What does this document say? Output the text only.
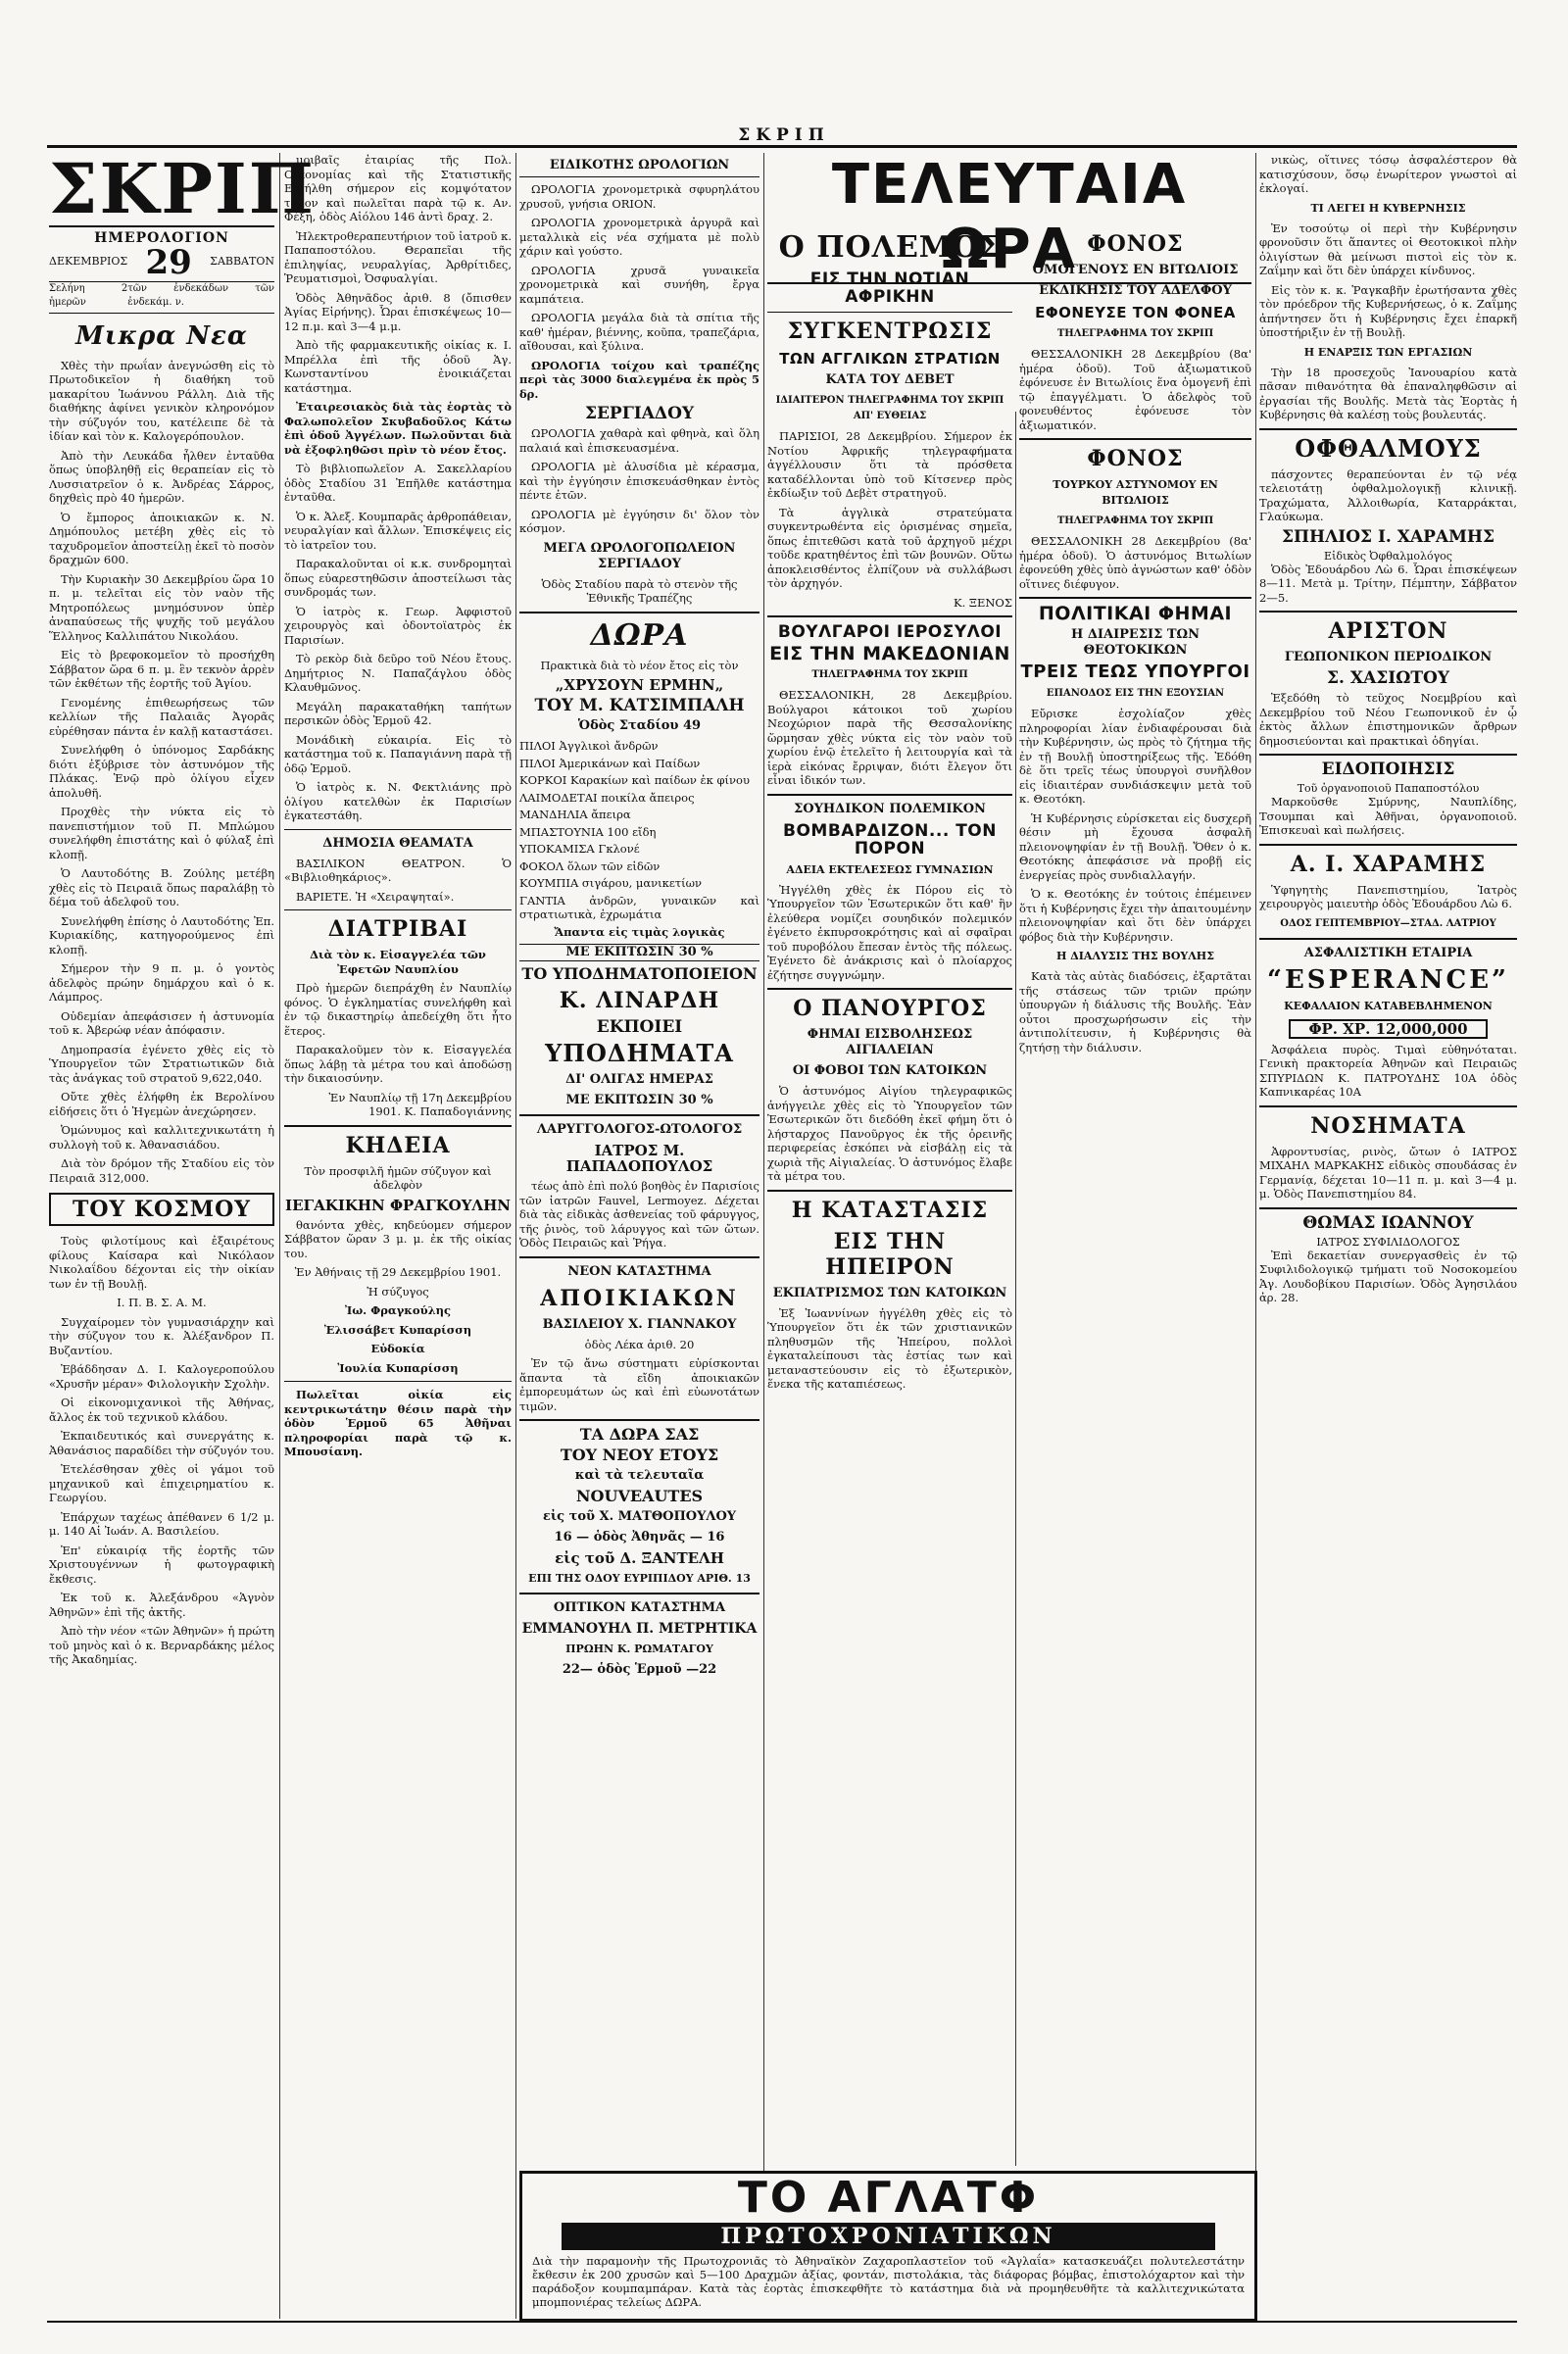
ΣΚΡΙΠ
ΣΚΡΙΠ
ΗΜΕΡΟΛΟΓΙΟΝ
ΔΕΚΕΜΒΡΙΟΣ 29 ΣΑΒΒΑΤΟΝ
Σελήνη 2 ἡμερῶν
τῶν ἐνδεκάδων τῶν ἐνδεκάμ. ν.
Μικρα Νεα

Χθὲς τὴν πρωΐαν ἀνεγνώσθη εἰς τὸ Πρωτοδικεῖον ἡ διαθήκη τοῦ μακαρίτου Ἰωάννου Ράλλη. Διὰ τῆς διαθήκης ἀφίνει γενικὸν κληρονόμον τὴν σύζυγόν του, κατέλειπε δὲ τὰ ἰδίαν καὶ τὸν κ. Καλογερόπουλον.

Ἀπὸ τὴν Λευκάδα ἦλθεν ἐνταῦθα ὅπως ὑποβληθῇ εἰς θεραπείαν εἰς τὸ Λυσσιατρεῖον ὁ κ. Ἀνδρέας Σάρρος, δηχθεὶς πρὸ 40 ἡμερῶν.

Ὁ ἔμπορος ἀποικιακῶν κ. Ν. Δημόπουλος μετέβη χθὲς εἰς τὸ ταχυδρομεῖον ἀποστείλῃ ἐκεῖ τὸ ποσὸν δραχμῶν 600.

Τὴν Κυριακὴν 30 Δεκεμβρίου ὥρα 10 π. μ. τελεῖται εἰς τὸν ναὸν τῆς Μητροπόλεως μνημόσυνον ὑπὲρ ἀναπαύσεως τῆς ψυχῆς τοῦ μεγάλου Ἕλληνος Καλλιπάτου Νικολάου.

Εἰς τὸ βρεφοκομεῖον τὸ προσήχθη Σάββατον ὥρα 6 π. μ. ἓν τεκνὸν ἀρρὲν τῶν ἐκθέτων τῆς ἑορτῆς τοῦ Ἁγίου.

Γενομένης ἐπιθεωρήσεως τῶν κελλίων τῆς Παλαιᾶς Ἀγορᾶς εὑρέθησαν πάντα ἐν καλῇ καταστάσει.

Συνελήφθη ὁ ὑπόνομος Σαρδάκης διότι ἐξύβρισε τὸν ἀστυνόμον τῆς Πλάκας. Ἐνῷ πρὸ ὀλίγου εἶχεν ἀπολυθῆ.

Προχθὲς τὴν νύκτα εἰς τὸ πανεπιστήμιον τοῦ Π. Μπλώμου συνελήφθη ἐπιστάτης καὶ ὁ φύλαξ ἐπὶ κλοπῇ.

Ὁ Λαυτοδότης Β. Ζούλης μετέβη χθὲς εἰς τὸ Πειραιᾶ ὅπως παραλάβῃ τὸ δέμα τοῦ ἀδελφοῦ του.

Συνελήφθη ἐπίσης ὁ Λαυτοδότης Ἐπ. Κυριακίδης, κατηγορούμενος ἐπὶ κλοπῇ.

Σήμερον τὴν 9 π. μ. ὁ γοντὸς ἀδελφὸς πρώην δημάρχου καὶ ὁ κ. Λάμπρος.

Οὐδεμίαν ἀπεφάσισεν ἡ ἀστυνομία τοῦ κ. Ἀβερώφ νέαν ἀπόφασιν.

Δημοπρασία ἐγένετο χθὲς εἰς τὸ Ὑπουργεῖον τῶν Στρατιωτικῶν διὰ τὰς ἀνάγκας τοῦ στρατοῦ 9,622,040.

Οὔτε χθὲς ἐλήφθη ἐκ Βερολίνου εἰδήσεις ὅτι ὁ Ἡγεμὼν ἀνεχώρησεν.

Ὁμώνυμος καὶ καλλιτεχνικωτάτη ἡ συλλογὴ τοῦ κ. Ἀθανασιάδου.

Διὰ τὸν δρόμον τῆς Σταδίου εἰς τὸν Πειραιᾶ 312,000.

ΤΟΥ ΚΟΣΜΟΥ

Τοὺς φιλοτίμους καὶ ἐξαιρέτους φίλους Καίσαρα καὶ Νικόλαον Νικολαΐδου δέχονται εἰς τὴν οἰκίαν των ἐν τῇ Βουλῇ.

Ι. Π. Β. Σ. Α. Μ.

Συγχαίρομεν τὸν γυμνασιάρχην καὶ τὴν σύζυγον του κ. Ἀλέξανδρον Π. Βυζαντίου.

Ἐβάδδησαν Δ. Ι. Καλογεροπούλου «Χρυσῆν μέραν» Φιλολογικὴν Σχολὴν.

Οἱ εἰκονομιχανικοὶ τῆς Ἀθήνας, ἄλλος ἐκ τοῦ τεχνικοῦ κλάδου.

Ἐκπαιδευτικός καὶ συνεργάτης κ. Ἀθανάσιος παραδίδει τὴν σύζυγόν του.

Ἐτελέσθησαν χθὲς οἱ γάμοι τοῦ μηχανικοῦ καὶ ἐπιχειρηματίου κ. Γεωργίου.

Ἐπάρχων ταχέως ἀπέθανεν 6 1/2 μ. μ. 140 Αἱ Ἰωάν. Α. Βασιλείου.

Ἐπ' εὐκαιρίᾳ τῆς ἐορτῆς τῶν Χριστουγέννων ἡ φωτογραφικὴ ἔκθεσις.

Ἐκ τοῦ κ. Ἀλεξάνδρου «Ἁγνὸν Ἀθηνῶν» ἐπὶ τῆς ἀκτῆς.

Ἀπὸ τὴν νέον «τῶν Ἀθηνῶν» ἡ πρώτη τοῦ μηνὸς καὶ ὁ κ. Βερναρδάκης μέλος τῆς Ἀκαδημίας.

μοιβαῖς ἐταιρίας τῆς Πολ. Οἰκονομίας καὶ τῆς Στατιστικῆς Εἰσήλθη σήμερον εἰς κομψότατον τόμον καὶ πωλεῖται παρὰ τῷ κ. Αν. Φέξη, ὁδὸς Αἰόλου 146 ἀντὶ δραχ. 2.

Ἠλεκτροθεραπευτήριον τοῦ ἰατροῦ κ. Παπαποστόλου. Θεραπεῖαι τῆς ἐπιληψίας, νευραλγίας, Ἀρθρίτιδες, Ῥευματισμοὶ, Ὀσφυαλγίαι.

Ὁδὸς Ἀθηνᾶδος ἀριθ. 8 (ὄπισθεν Ἀγίας Εἰρήνης). Ὧραι ἐπισκέψεως 10—12 π.μ. καὶ 3—4 μ.μ.

Ἀπὸ τῆς φαρμακευτικῆς οἰκίας κ. Ι. Μπρέλλα ἐπὶ τῆς ὁδοῦ Ἁγ. Κωνσταντίνου ἐνοικιάζεται κατάστημα.

Ἐταιρεσιακὸς διὰ τὰς ἑορτὰς τὸ Φαλωπολεῖον Σκυβαδοῦλος Κάτω ἐπὶ ὁδοῦ Ἀγγέλων. Πωλοῦνται διὰ νὰ ἐξοφληθῶσι πρὶν τὸ νέον ἔτος.

Τὸ βιβλιοπωλεῖον Α. Σακελλαρίου ὁδὸς Σταδίου 31 Ἐπῆλθε κατάστημα ἐνταῦθα.

Ὁ κ. Ἀλεξ. Κουμπαρᾶς ἀρθροπάθειαν, νευραλγίαν καὶ ἄλλων. Ἐπισκέψεις εἰς τὸ ἰατρεῖον του.

Παρακαλοῦνται οἱ κ.κ. συνδρομηταὶ ὅπως εὐαρεστηθῶσιν ἀποστείλωσι τὰς συνδρομάς των.

Ὁ ἰατρὸς κ. Γεωρ. Ἀφφιστοῦ χειρουργὸς καὶ ὀδοντοϊατρὸς ἐκ Παρισίων.

Τὸ ρεκὸρ διὰ δεῦρο τοῦ Νέου ἔτους. Δημήτριος Ν. Παπαζάγλου ὁδὸς Κλαυθμῶνος.

Μεγάλη παρακαταθήκη ταπήτων περσικῶν ὁδὸς Ἑρμοῦ 42.

Μονάδικὴ εὐκαιρία. Εἰς τὸ κατάστημα τοῦ κ. Παπαγιάννη παρὰ τῇ ὁδῷ Ἑρμοῦ.

Ὁ ἰατρὸς κ. Ν. Φεκτλιάνης πρὸ ὀλίγου κατελθὼν ἐκ Παρισίων ἐγκατεστάθη.

ΔΗΜΟΣΙΑ ΘΕΑΜΑΤΑ

ΒΑΣΙΛΙΚΟΝ ΘΕΑΤΡΟΝ. Ὁ «Βιβλιοθηκάριος».

ΒΑΡΙΕΤΕ. Ἡ «Χειραψηταί».

ΔΙΑΤΡΙΒΑΙ

Διὰ τὸν κ. Εἰσαγγελέα τῶν Ἐφετῶν Ναυπλίου

Πρὸ ἡμερῶν διεπράχθη ἐν Ναυπλίῳ φόνος. Ὁ ἐγκληματίας συνελήφθη καὶ ἐν τῷ δικαστηρίῳ ἀπεδείχθη ὅτι ἦτο ἕτερος.

Παρακαλοῦμεν τὸν κ. Εἰσαγγελέα ὅπως λάβῃ τὰ μέτρα του καὶ ἀποδώσῃ τὴν δικαιοσύνην.

Ἐν Ναυπλίῳ τῇ 17η Δεκεμβρίου 1901. Κ. Παπαδογιάννης

ΚΗΔΕΙΑ

Τὸν προσφιλῆ ἡμῶν σύζυγον καὶ ἀδελφὸν

ΙΕΓΑΚΙΚΗΝ ΦΡΑΓΚΟΥΛΗΝ

θανόντα χθὲς, κηδεύομεν σήμερον Σάββατον ὥραν 3 μ. μ. ἐκ τῆς οἰκίας του.

Ἐν Ἀθήναις τῇ 29 Δεκεμβρίου 1901.

Ἡ σύζυγος

Ἰω. Φραγκούλης

Ἐλισσάβετ Κυπαρίσση

Εὐδοκία

Ἰουλία Κυπαρίσση

Πωλεῖται οἰκία εἰς κεντρικωτάτην θέσιν παρὰ τὴν ὁδὸν Ἑρμοῦ 65 Ἀθῆναι πληροφορίαι παρὰ τῷ κ. Μπουσίανη.

ΕΙΔΙΚΟΤΗΣ ΩΡΟΛΟΓΙΩΝ

ΩΡΟΛΟΓΙΑ χρονομετρικὰ σφυρηλάτου χρυσοῦ, γνήσια ORION.

ΩΡΟΛΟΓΙΑ χρονομετρικὰ ἀργυρᾶ καὶ μεταλλικὰ εἰς νέα σχήματα μὲ πολὺ χάριν καὶ γούστο.

ΩΡΟΛΟΓΙΑ χρυσᾶ γυναικεῖα χρονομετρικὰ καὶ συνήθη, ἔργα καμπάτεια.

ΩΡΟΛΟΓΙΑ μεγάλα διὰ τὰ σπίτια τῆς καθ' ἡμέραν, βιέννης, κοῦπα, τραπεζάρια, αἴθουσαι, καὶ ξύλινα.

ΩΡΟΛΟΓΙΑ τοίχου καὶ τραπέζης περὶ τὰς 3000 διαλεγμένα ἐκ πρὸς 5 δρ.

ΣΕΡΓΙΑΔΟΥ

ΩΡΟΛΟΓΙΑ χαθαρὰ καὶ φθηνὰ, καὶ ὅλη παλαιά καὶ ἐπισκευασμένα.

ΩΡΟΛΟΓΙΑ μὲ ἀλυσίδια μὲ κέρασμα, καὶ τὴν ἐγγύησιν ἐπισκευάσθηκαν ἐντὸς πέντε ἐτῶν.

ΩΡΟΛΟΓΙΑ μὲ ἐγγύησιν δι' ὅλον τὸν κόσμον.

ΜΕΓΑ ΩΡΟΛΟΓΟΠΩΛΕΙΟΝ ΣΕΡΓΙΑΔΟΥ

Ὁδὸς Σταδίου παρὰ τὸ στενὸν τῆς Ἐθνικῆς Τραπέζης

ΔΩΡΑ

Πρακτικὰ διὰ τὸ νέον ἔτος εἰς τὸν

„ΧΡΥΣΟΥΝ ΕΡΜΗΝ„
ΤΟΥ Μ. ΚΑΤΣΙΜΠΑΛΗ
Ὁδὸς Σταδίου 49
ΠΙΛΟΙ Ἀγγλικοὶ ἄνδρῶν
ΠΙΛΟΙ Ἀμερικάνων καὶ Παίδων
ΚΟΡΚΟΙ Καρακίων καὶ παίδων ἐκ φίνου
ΛΑΙΜΟΔΕΤΑΙ ποικίλα ἄπειρος
ΜΑΝΔΗΛΙΑ ἄπειρα
ΜΠΑΣΤΟΥΝΙΑ 100 εἴδη
ΥΠΟΚΑΜΙΣΑ Γκλονέ
ΦΟΚΟΛ ὅλων τῶν εἰδῶν
ΚΟΥΜΠΙΑ σιγάρου, μανικετίων
ΓΑΝΤΙΑ ἀνδρῶν, γυναικῶν καὶ στρατιωτικὰ, ἐχρωμάτια

Ἄπαντα εἰς τιμὰς λογικὰς

ΜΕ ΕΚΠΤΩΣΙΝ 30 %
ΤΟ ΥΠΟΔΗΜΑΤΟΠΟΙΕΙΟΝ
Κ. ΛΙΝΑΡΔΗ
ΕΚΠΟΙΕΙ
ΥΠΟΔΗΜΑΤΑ
ΔΙ' ΟΛΙΓΑΣ ΗΜΕΡΑΣ
ΜΕ ΕΚΠΤΩΣΙΝ 30 %
ΛΑΡΥΓΓΟΛΟΓΟΣ-ΩΤΟΛΟΓΟΣ
ΙΑΤΡΟΣ Μ. ΠΑΠΑΔΟΠΟΥΛΟΣ

τέως ἀπὸ ἐπὶ πολύ βοηθὸς ἐν Παρισίοις τῶν ἰατρῶν Fauvel, Lermoyez. Δέχεται διὰ τὰς εἰδικὰς ἀσθενείας τοῦ φάρυγγος, τῆς ῥινὸς, τοῦ λάρυγγος καὶ τῶν ὤτων. Ὁδὸς Πειραιῶς καὶ Ῥήγα.

ΝΕΟΝ ΚΑΤΑΣΤΗΜΑ
ΑΠΟΙΚΙΑΚΩΝ
ΒΑΣΙΛΕΙΟΥ Χ. ΓΙΑΝΝΑΚΟΥ

ὁδὸς Λέκα ἀριθ. 20

Ἐν τῷ ἄνω σύστηματι εὑρίσκονται ἅπαντα τὰ εἴδη ἀποικιακῶν ἐμπορευμάτων ὡς καὶ ἐπὶ εὐωνοτάτων τιμῶν.

ΤΑ ΔΩΡΑ ΣΑΣ
ΤΟΥ ΝΕΟΥ ΕΤΟΥΣ
καὶ τὰ τελευταῖα
NOUVEAUTES
εἰς τοῦ Χ. ΜΑΤΘΟΠΟΥΛΟΥ
16 — ὁδὸς Ἀθηνᾶς — 16
εἰς τοῦ Δ. ΞΑΝΤΕΛΗ
ΕΠΙ ΤΗΣ ΟΔΟΥ ΕΥΡΙΠΙΔΟΥ ΑΡΙΘ. 13
ΟΠΤΙΚΟΝ ΚΑΤΑΣΤΗΜΑ
ΕΜΜΑΝΟΥΗΛ Π. ΜΕΤΡΗΤΙΚΑ
ΠΡΩΗΝ Κ. ΡΩΜΑΤΑΓΟΥ
22— ὁδὸς Ἑρμοῦ —22
ΤΕΛΕΥΤΑΙΑ ΩΡΑ
Ο ΠΟΛΕΜΟΣ
ΕΙΣ ΤΗΝ ΝΟΤΙΑΝ ΑΦΡΙΚΗΝ
ΣΥΓΚΕΝΤΡΩΣΙΣ
ΤΩΝ ΑΓΓΛΙΚΩΝ ΣΤΡΑΤΙΩΝ
ΚΑΤΑ ΤΟΥ ΔΕΒΕΤ
ΙΔΙΑΙΤΕΡΟΝ ΤΗΛΕΓΡΑΦΗΜΑ ΤΟΥ ΣΚΡΙΠ ΑΠ' ΕΥΘΕΙΑΣ

ΠΑΡΙΣΙΟΙ, 28 Δεκεμβρίου. Σήμερον ἐκ Νοτίου Ἀφρικῆς τηλεγραφήματα ἀγγέλλουσιν ὅτι τὰ πρόσθετα καταδέλλονται ὑπὸ τοῦ Κίτσενερ πρὸς ἐκδίωξιν τοῦ Δεβὲτ στρατηγοῦ.

Τὰ ἀγγλικὰ στρατεύματα συγκεντρωθέντα εἰς ὁρισμένας σημεῖα, ὅπως ἐπιτεθῶσι κατὰ τοῦ ἀρχηγοῦ μέχρι τοῦδε κρατηθέντος ἐπὶ τῶν βουνῶν. Οὕτω ἀποκλεισθέντος ἐλπίζουν νὰ συλλάβωσι τὸν ἀρχηγόν.

Κ. ΞΕΝΟΣ

ΒΟΥΛΓΑΡΟΙ ΙΕΡΟΣΥΛΟΙ
ΕΙΣ ΤΗΝ ΜΑΚΕΔΟΝΙΑΝ
ΤΗΛΕΓΡΑΦΗΜΑ ΤΟΥ ΣΚΡΙΠ

ΘΕΣΣΑΛΟΝΙΚΗ, 28 Δεκεμβρίου. Βούλγαροι κάτοικοι τοῦ χωρίου Νεοχώριον παρὰ τῆς Θεσσαλονίκης ὥρμησαν χθὲς νύκτα εἰς τὸν ναὸν τοῦ χωρίου ἐνῷ ἐτελεῖτο ἡ λειτουργία καὶ τὰ ἱερὰ εἰκόνας ἔρριψαν, διότι ἔλεγον ὅτι εἶναι ἰδικόν των.

ΣΟΥΗΔΙΚΟΝ ΠΟΛΕΜΙΚΟΝ
ΒΟΜΒΑΡΔΙΖΟΝ... ΤΟΝ ΠΟΡΟΝ
ΑΔΕΙΑ ΕΚΤΕΛΕΣΕΩΣ ΓΥΜΝΑΣΙΩΝ

Ἠγγέλθη χθὲς ἐκ Πόρου εἰς τὸ Ὑπουργεῖον τῶν Ἐσωτερικῶν ὅτι καθ' ἣν ἐλεύθερα νομίζει σουηδικόν πολεμικόν ἐγένετο ἐκπυρσοκρότησις καὶ αἱ σφαῖραι τοῦ πυροβόλου ἔπεσαν ἐντὸς τῆς πόλεως. Ἐγένετο δὲ ἀνάκρισις καὶ ὁ πλοίαρχος ἐζήτησε συγγνώμην.

Ο ΠΑΝΟΥΡΓΟΣ
ΦΗΜΑΙ ΕΙΣΒΟΛΗΣΕΩΣ ΑΙΓΙΑΛΕΙΑΝ
ΟΙ ΦΟΒΟΙ ΤΩΝ ΚΑΤΟΙΚΩΝ

Ὁ ἀστυνόμος Αἰγίου τηλεγραφικῶς ἀνήγγειλε χθὲς εἰς τὸ Ὑπουργεῖον τῶν Ἐσωτερικῶν ὅτι διεδόθη ἐκεῖ φήμη ὅτι ὁ λήσταρχος Πανοῦργος ἐκ τῆς ὀρεινῆς περιφερείας ἐσκόπει νὰ εἰσβάλῃ εἰς τὰ χωριὰ τῆς Αἰγιαλείας. Ὁ ἀστυνόμος ἔλαβε τὰ μέτρα του.

Η ΚΑΤΑΣΤΑΣΙΣ
ΕΙΣ ΤΗΝ ΗΠΕΙΡΟΝ
ΕΚΠΑΤΡΙΣΜΟΣ ΤΩΝ ΚΑΤΟΙΚΩΝ

Ἐξ Ἰωαννίνων ἠγγέλθη χθὲς εἰς τὸ Ὑπουργεῖον ὅτι ἐκ τῶν χριστιανικῶν πληθυσμῶν τῆς Ἠπείρου, πολλοὶ ἐγκαταλείπουσι τὰς ἑστίας των καὶ μεταναστεύουσιν εἰς τὸ ἐξωτερικὸν, ἕνεκα τῆς καταπιέσεως.

ΦΟΝΟΣ
ΟΜΟΓΕΝΟΥΣ ΕΝ ΒΙΤΩΛΙΟΙΣ
ΕΚΔΙΚΗΣΙΣ ΤΟΥ ΑΔΕΛΦΟΥ
ΕΦΟΝΕΥΣΕ ΤΟΝ ΦΟΝΕΑ
ΤΗΛΕΓΡΑΦΗΜΑ ΤΟΥ ΣΚΡΙΠ

ΘΕΣΣΑΛΟΝΙΚΗ 28 Δεκεμβρίου (8α' ἡμέρα ὁδοῦ). Τοῦ ἀξιωματικοῦ ἐφόνευσε ἐν Βιτωλίοις ἕνα ὁμογενῆ ἐπὶ τῷ ἐπαγγέλματι. Ὁ ἀδελφὸς τοῦ φονευθέντος ἐφόνευσε τὸν ἀξιωματικόν.

ΦΟΝΟΣ
ΤΟΥΡΚΟΥ ΑΣΤΥΝΟΜΟΥ ΕΝ ΒΙΤΩΛΙΟΙΣ
ΤΗΛΕΓΡΑΦΗΜΑ ΤΟΥ ΣΚΡΙΠ

ΘΕΣΣΑΛΟΝΙΚΗ 28 Δεκεμβρίου (8α' ἡμέρα ὁδοῦ). Ὁ ἀστυνόμος Βιτωλίων ἐφονεύθη χθὲς ὑπὸ ἀγνώστων καθ' ὁδὸν οἵτινες διέφυγον.

ΠΟΛΙΤΙΚΑΙ ΦΗΜΑΙ
Η ΔΙΑΙΡΕΣΙΣ ΤΩΝ ΘΕΟΤΟΚΙΚΩΝ
ΤΡΕΙΣ ΤΕΩΣ ΥΠΟΥΡΓΟΙ
ΕΠΑΝΟΔΟΣ ΕΙΣ ΤΗΝ ΕΞΟΥΣΙΑΝ

Εὔρισκε ἐσχολίαζον χθὲς πληροφορίαι λίαν ἐνδιαφέρουσαι διὰ τὴν Κυβέρνησιν, ὡς πρὸς τὸ ζήτημα τῆς ἐν τῇ Βουλῇ ὑποστηρίξεως τῆς. Ἐδόθη δὲ ὅτι τρεῖς τέως ὑπουργοὶ συνῆλθον εἰς ἰδιαιτέραν συνδιάσκεψιν μετὰ τοῦ κ. Θεοτόκη.

Ἡ Κυβέρνησις εὑρίσκεται εἰς δυσχερῆ θέσιν μὴ ἔχουσα ἀσφαλῆ πλειονοψηφίαν ἐν τῇ Βουλῇ. Ὅθεν ὁ κ. Θεοτόκης ἀπεφάσισε νὰ προβῇ εἰς ἐνεργείας πρὸς συνδιαλλαγήν.

Ὁ κ. Θεοτόκης ἐν τούτοις ἐπέμεινεν ὅτι ἡ Κυβέρνησις ἔχει τὴν ἀπαιτουμένην πλειονοψηφίαν καὶ ὅτι δὲν ὑπάρχει φόβος διὰ τὴν Κυβέρνησιν.

Η ΔΙΑΛΥΣΙΣ ΤΗΣ ΒΟΥΛΗΣ

Κατὰ τὰς αὐτὰς διαδόσεις, ἐξαρτᾶται τῆς στάσεως τῶν τριῶν πρώην ὑπουργῶν ἡ διάλυσις τῆς Βουλῆς. Ἐὰν οὗτοι προσχωρήσωσιν εἰς τὴν ἀντιπολίτευσιν, ἡ Κυβέρνησις θὰ ζητήσῃ τὴν διάλυσιν.

νικὼς, οἵτινες τόσῳ ἀσφαλέστερον θὰ κατισχύσουν, ὅσῳ ἐνωρίτερον γνωστοὶ αἱ ἐκλογαί.

ΤΙ ΛΕΓΕΙ Η ΚΥΒΕΡΝΗΣΙΣ

Ἐν τοσούτῳ οἱ περὶ τὴν Κυβέρνησιν φρονοῦσιν ὅτι ἅπαντες οἱ Θεοτοκικοὶ πλὴν ὀλιγίστων θὰ μείνωσι πιστοὶ εἰς τὸν κ. Ζαΐμην καὶ ὅτι δὲν ὑπάρχει κίνδυνος.

Εἰς τὸν κ. κ. Ῥαγκαβῆν ἐρωτήσαντα χθὲς τὸν πρόεδρον τῆς Κυβερνήσεως, ὁ κ. Ζαΐμης ἀπήντησεν ὅτι ἡ Κυβέρνησις ἔχει ἐπαρκῆ ὑποστήριξιν ἐν τῇ Βουλῇ.

Η ΕΝΑΡΞΙΣ ΤΩΝ ΕΡΓΑΣΙΩΝ

Τὴν 18 προσεχοῦς Ἰανουαρίου κατὰ πᾶσαν πιθανότητα θὰ ἐπαναληφθῶσιν αἱ ἐργασίαι τῆς Βουλῆς. Μετὰ τὰς Ἑορτὰς ἡ Κυβέρνησις θὰ καλέσῃ τοὺς βουλευτάς.

ΟΦΘΑΛΜΟΥΣ

πάσχοντες θεραπεύονται ἐν τῷ νέᾳ τελειοτάτῃ ὀφθαλμολογικῇ κλινικῇ. Τραχώματα, Ἀλλοιθωρία, Καταρράκται, Γλαύκωμα.

ΣΠΗΛΙΟΣ Ι. ΧΑΡΑΜΗΣ
Εἰδικὸς Ὀφθαλμολόγος

Ὁδὸς Ἐδουάρδου Λὼ 6. Ὧραι ἐπισκέψεων 8—11. Μετὰ μ. Τρίτην, Πέμπτην, Σάββατον 2—5.

ΑΡΙΣΤΟΝ
ΓΕΩΠΟΝΙΚΟΝ ΠΕΡΙΟΔΙΚΟΝ
Σ. ΧΑΣΙΩΤΟΥ

Ἐξεδόθη τὸ τεῦχος Νοεμβρίου καὶ Δεκεμβρίου τοῦ Νέου Γεωπονικοῦ ἐν ᾧ ἐκτὸς ἄλλων ἐπιστημονικῶν ἄρθρων δημοσιεύονται καὶ πρακτικαὶ ὁδηγίαι.

ΕΙΔΟΠΟΙΗΣΙΣ
Τοῦ ὀργανοποιοῦ Παπαποστόλου

Μαρκοῦσθε Σμύρνης, Ναυπλίδης, Τσουμπαι καὶ Ἀθῆναι, ὀργανοποιοῦ. Ἐπισκευαὶ καὶ πωλήσεις.

Α. Ι. ΧΑΡΑΜΗΣ

Ὑφηγητὴς Πανεπιστημίου, Ἰατρὸς χειρουργὸς μαιευτὴρ ὁδὸς Ἐδουάρδου Λὼ 6.

ΟΔΟΣ ΓΕΠΤΕΜΒΡΙΟΥ—ΣΤΑΔ. ΛΑΤΡΙΟΥ
ΑΣΦΑΛΙΣΤΙΚΗ ΕΤΑΙΡΙΑ
“ESPERANCE”
ΚΕΦΑΛΑΙΟΝ ΚΑΤΑΒΕΒΛΗΜΕΝΟΝ
ΦΡ. ΧΡ. 12,000,000

Ἀσφάλεια πυρὸς. Τιμαὶ εὐθηνόταται. Γενικὴ πρακτορεία Ἀθηνῶν καὶ Πειραιῶς ΣΠΥΡΙΔΩΝ Κ. ΠΑΤΡΟΥΔΗΣ 10Α ὁδὸς Καπνικαρέας 10Α

ΝΟΣΗΜΑΤΑ

Ἀφροντυσίας, ρινὸς, ὤτων ὁ ΙΑΤΡΟΣ ΜΙΧΑΗΛ ΜΑΡΚΑΚΗΣ εἰδικὸς σπουδάσας ἐν Γερμανίᾳ, δέχεται 10—11 π. μ. καὶ 3—4 μ. μ. Ὁδὸς Πανεπιστημίου 84.

ΘΩΜΑΣ ΙΩΑΝΝΟΥ
ΙΑΤΡΟΣ ΣΥΦΙΛΙΔΟΛΟΓΟΣ

Ἐπὶ δεκαετίαν συνεργασθεὶς ἐν τῷ Συφιλιδολογικῷ τμήματι τοῦ Νοσοκομείου Ἁγ. Λουδοβίκου Παρισίων. Ὁδὸς Ἀγησιλάου ἀρ. 28.

ΤΟ ΑΓΛΑΤΦ
ΠΡΩΤΟΧΡΟΝΙΑΤΙΚΩΝ
Διὰ τὴν παραμονὴν τῆς Πρωτοχρονιᾶς τὸ Ἀθηναϊκὸν Ζαχαροπλαστεῖον τοῦ «Ἀγλαΐα» κατασκευάζει πολυτελεστάτην ἔκθεσιν ἐκ 200 χρυσῶν καὶ 5—100 Δραχμῶν ἀξίας, φοντάν, πιστολάκια, τὰς διάφορας βόμβας, ἐπιστολόχαρτον καὶ τὴν παράδοξον κουμπαμπάραν. Κατὰ τὰς ἑορτὰς ἐπισκεφθῆτε τὸ κατάστημα διὰ νὰ προμηθευθῆτε τὰ καλλιτεχνικώτατα μπομπονιέρας τελείως ΔΩΡΑ.
